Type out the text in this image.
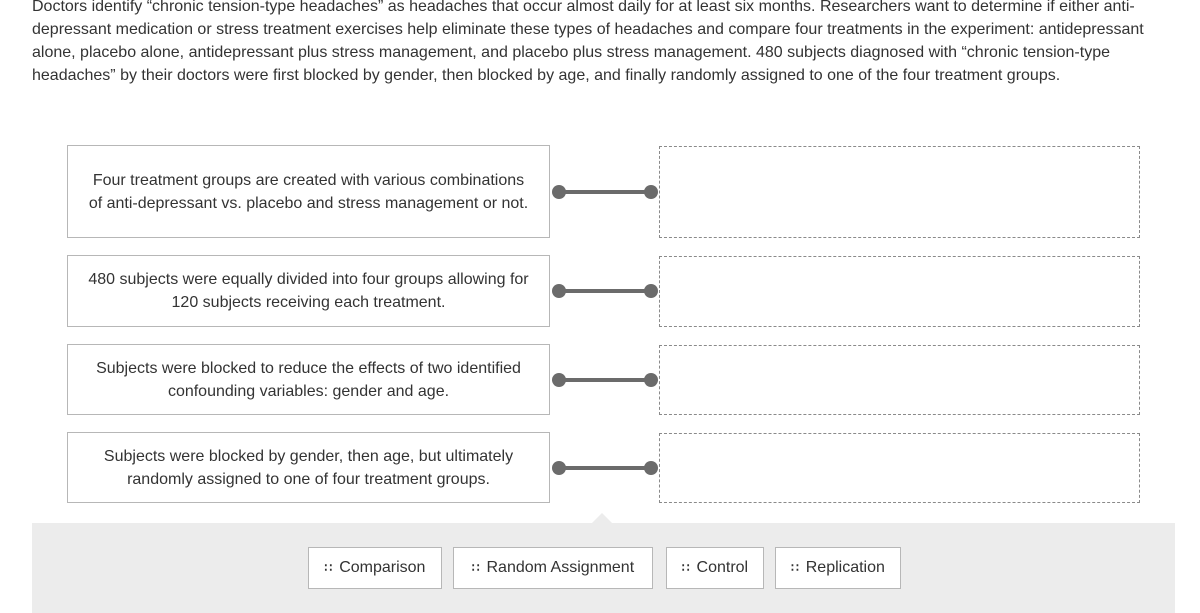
Doctors identify “chronic tension-type headaches” as headaches that occur almost daily for at least six months. Researchers want to determine if either anti-depressant medication or stress treatment exercises help eliminate these types of headaches and compare four treatments in the experiment: antidepressant alone, placebo alone, antidepressant plus stress management, and placebo plus stress management. 480 subjects diagnosed with “chronic tension-type headaches” by their doctors were first blocked by gender, then blocked by age, and finally randomly assigned to one of the four treatment groups.

Four treatment groups are created with various combinations of anti-depressant vs. placebo and stress management or not.
480 subjects were equally divided into four groups allowing for 120 subjects receiving each treatment.
Subjects were blocked to reduce the effects of two identified confounding variables: gender and age.
Subjects were blocked by gender, then age, but ultimately randomly assigned to one of four treatment groups.
∷ Comparison	∷ Random Assignment	∷ Control	∷ Replication
